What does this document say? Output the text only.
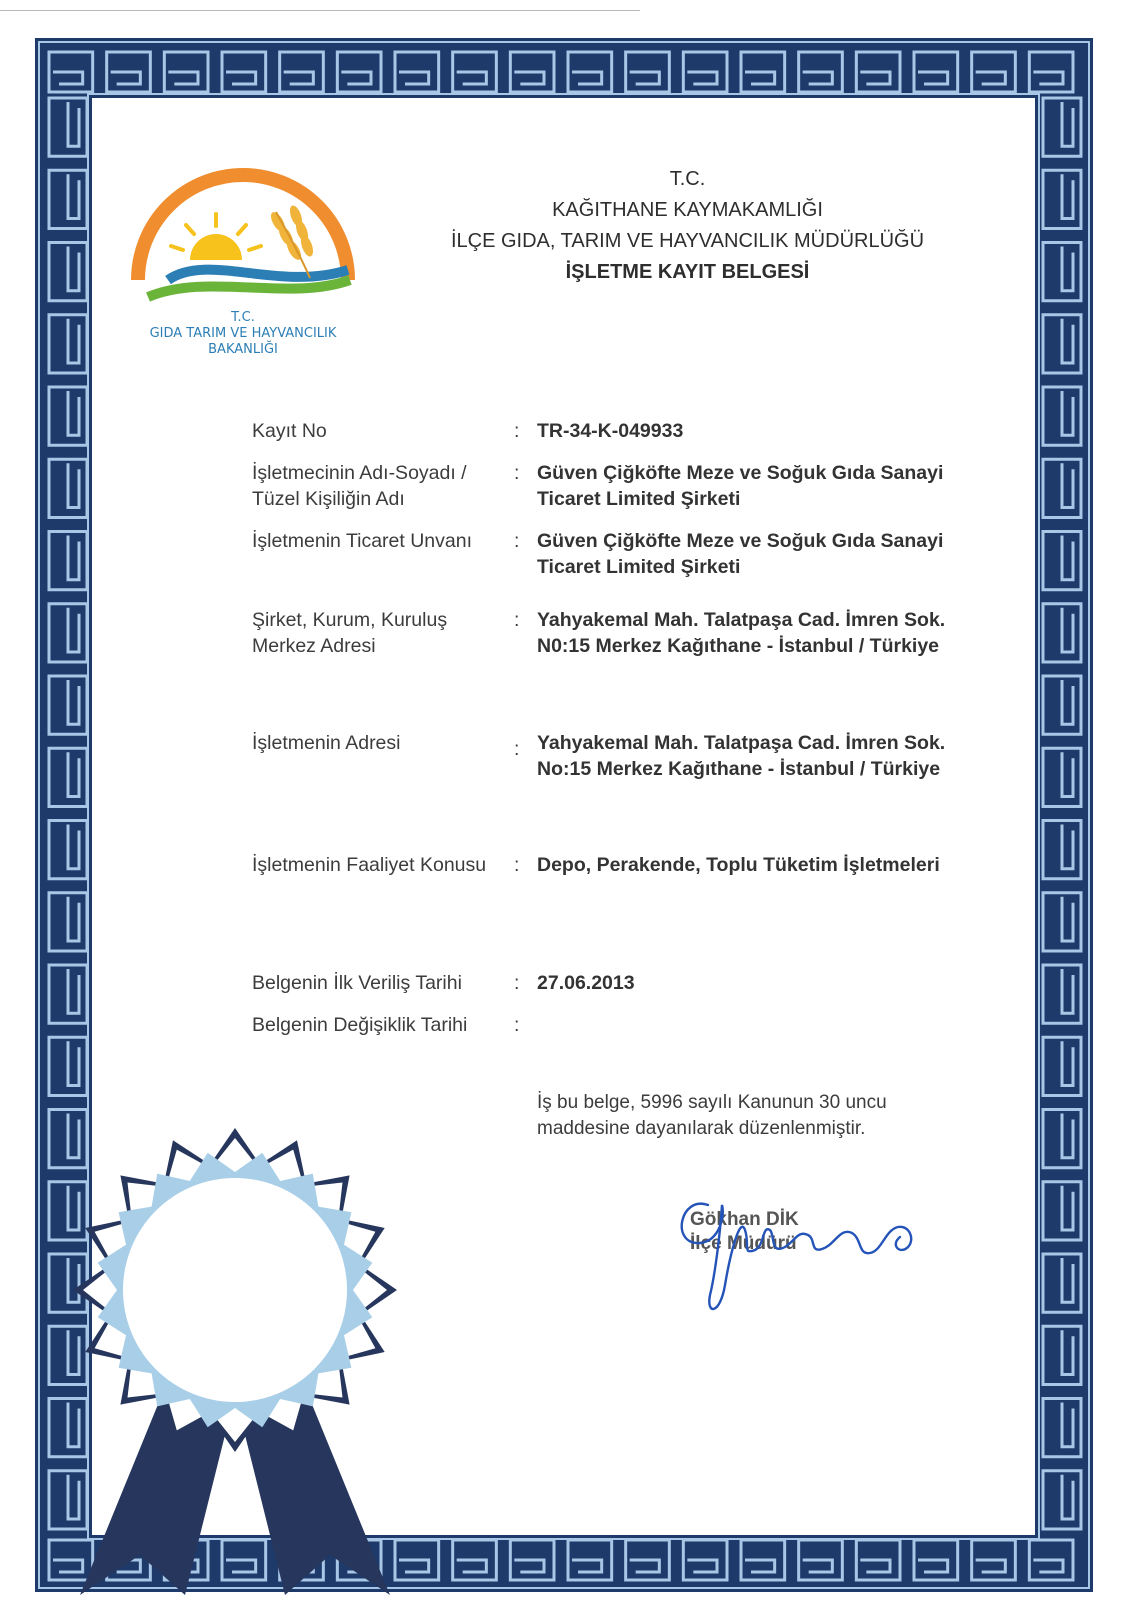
T.C.
GIDA TARIM VE HAYVANCILIK
BAKANLIĞI
T.C.
KAĞITHANE KAYMAKAMLIĞI
İLÇE GIDA, TARIM VE HAYVANCILIK MÜDÜRLÜĞÜ
İŞLETME KAYIT BELGESİ
Kayıt No	: TR-34-K-049933
İşletmecinin Adı-Soyadı /
Tüzel Kişiliğin Adı
: Güven Çiğköfte Meze ve Soğuk Gıda Sanayi
Ticaret Limited Şirketi
İşletmenin Ticaret Unvanı	: Güven Çiğköfte Meze ve Soğuk Gıda Sanayi
Ticaret Limited Şirketi
Şirket, Kurum, Kuruluş
Merkez Adresi
: Yahyakemal Mah. Talatpaşa Cad. İmren Sok.
N0:15 Merkez Kağıthane - İstanbul / Türkiye
İşletmenin Adresi	: Yahyakemal Mah. Talatpaşa Cad. İmren Sok.
No:15 Merkez Kağıthane - İstanbul / Türkiye
İşletmenin Faaliyet Konusu	: Depo, Perakende, Toplu Tüketim İşletmeleri
Belgenin İlk Veriliş Tarihi	: 27.06.2013
Belgenin Değişiklik Tarihi	:
İş bu belge, 5996 sayılı Kanunun 30 uncu
maddesine dayanılarak düzenlenmiştir.
Gökhan DİK
İlçe Müdürü
